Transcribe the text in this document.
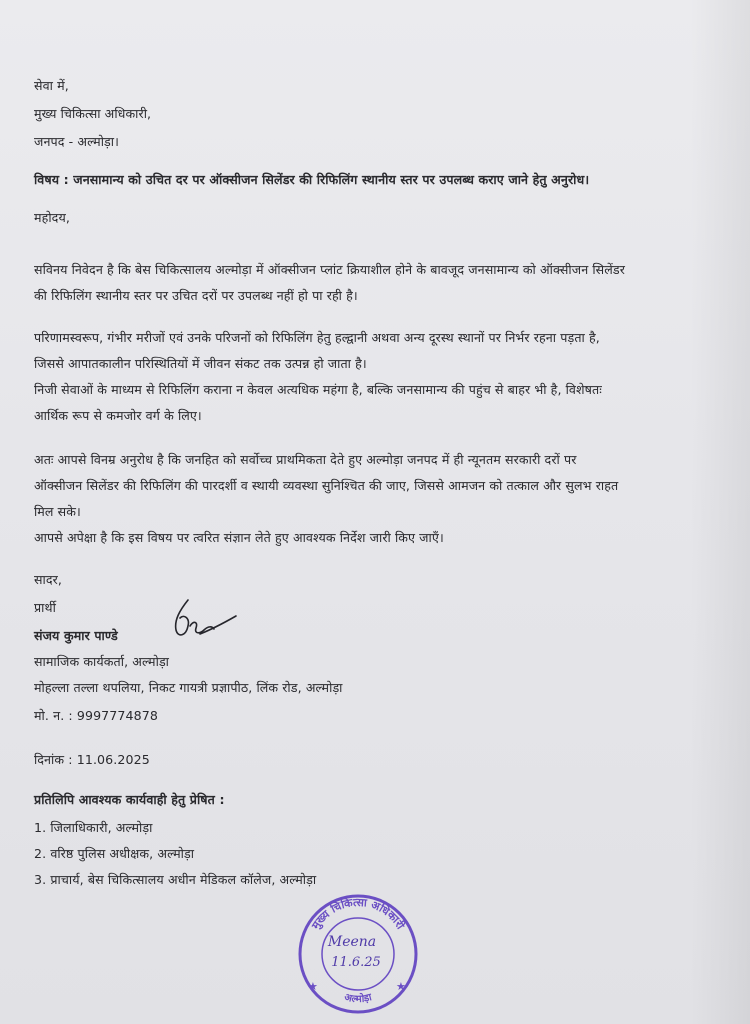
सेवा में,
मुख्य चिकित्सा अधिकारी,
जनपद - अल्मोड़ा।
विषय : जनसामान्य को उचित दर पर ऑक्सीजन सिलेंडर की रिफिलिंग स्थानीय स्तर पर उपलब्ध कराए जाने हेतु अनुरोध।
महोदय,
सविनय निवेदन है कि बेस चिकित्सालय अल्मोड़ा में ऑक्सीजन प्लांट क्रियाशील होने के बावजूद जनसामान्य को ऑक्सीजन सिलेंडर
की रिफिलिंग स्थानीय स्तर पर उचित दरों पर उपलब्ध नहीं हो पा रही है।
परिणामस्वरूप, गंभीर मरीजों एवं उनके परिजनों को रिफिलिंग हेतु हल्द्वानी अथवा अन्य दूरस्थ स्थानों पर निर्भर रहना पड़ता है,
जिससे आपातकालीन परिस्थितियों में जीवन संकट तक उत्पन्न हो जाता है।
निजी सेवाओं के माध्यम से रिफिलिंग कराना न केवल अत्यधिक महंगा है, बल्कि जनसामान्य की पहुंच से बाहर भी है, विशेषतः
आर्थिक रूप से कमजोर वर्ग के लिए।
अतः आपसे विनम्र अनुरोध है कि जनहित को सर्वोच्च प्राथमिकता देते हुए अल्मोड़ा जनपद में ही न्यूनतम सरकारी दरों पर
ऑक्सीजन सिलेंडर की रिफिलिंग की पारदर्शी व स्थायी व्यवस्था सुनिश्चित की जाए, जिससे आमजन को तत्काल और सुलभ राहत
मिल सके।
आपसे अपेक्षा है कि इस विषय पर त्वरित संज्ञान लेते हुए आवश्यक निर्देश जारी किए जाएँ।
सादर,
प्रार्थी
संजय कुमार पाण्डे
सामाजिक कार्यकर्ता, अल्मोड़ा
मोहल्ला तल्ला थपलिया, निकट गायत्री प्रज्ञापीठ, लिंक रोड, अल्मोड़ा
मो. न. : 9997774878
दिनांक : 11.06.2025
प्रतिलिपि आवश्यक कार्यवाही हेतु प्रेषित :
1. जिलाधिकारी, अल्मोड़ा
2. वरिष्ठ पुलिस अधीक्षक, अल्मोड़ा
3. प्राचार्य, बेस चिकित्सालय अधीन मेडिकल कॉलेज, अल्मोड़ा
मुख्य चिकित्सा अधिकारी
अल्मोड़ा
Meena
11.6.25
★	★
